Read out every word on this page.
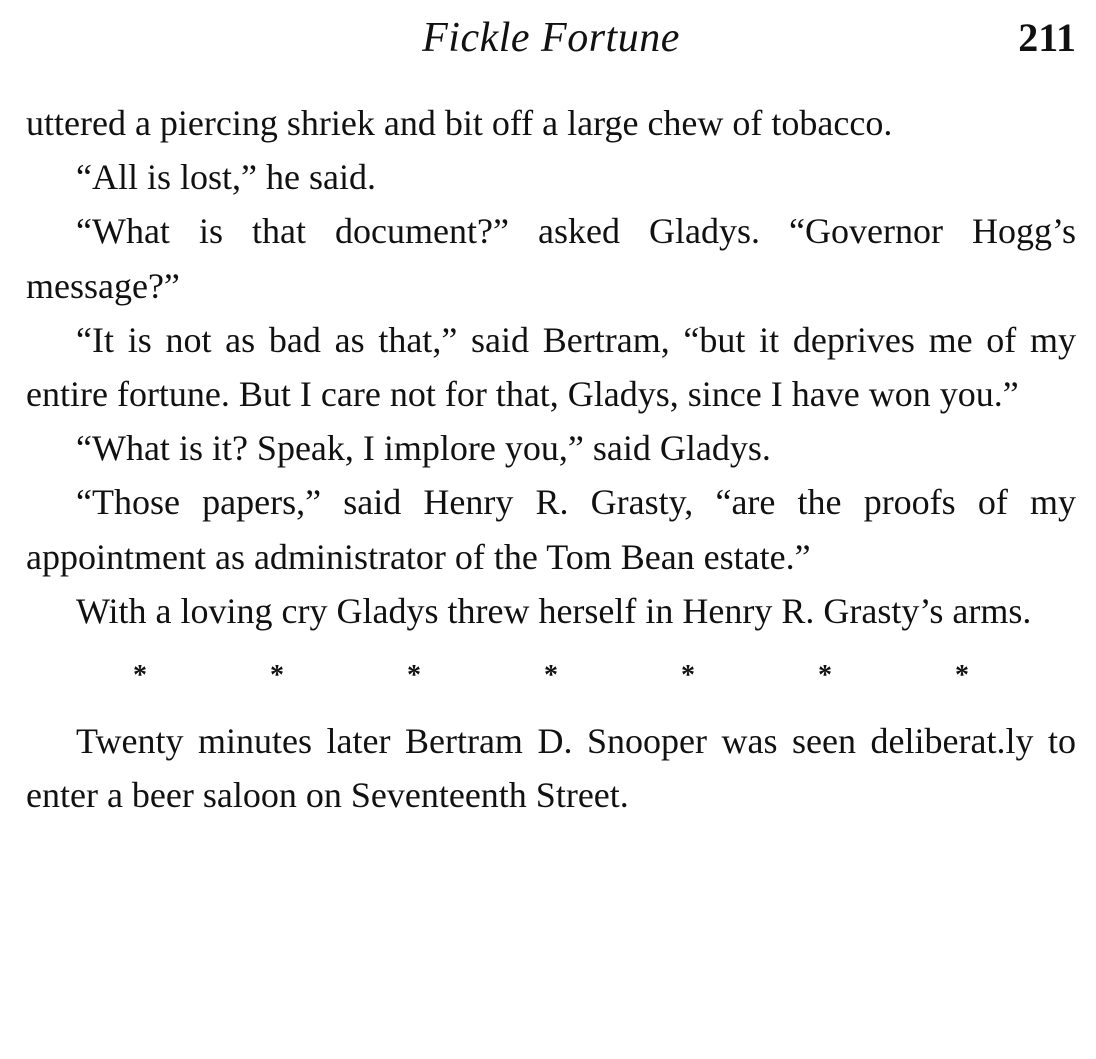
Fickle Fortune	211

uttered a piercing shriek and bit off a large chew of tobacco.

“All is lost,” he said.

“What is that document?” asked Gladys. “Governor Hogg’s message?”

“It is not as bad as that,” said Bertram, “but it deprives me of my entire fortune. But I care not for that, Gladys, since I have won you.”

“What is it? Speak, I implore you,” said Gladys.

“Those papers,” said Henry R. Grasty, “are the proofs of my appointment as administrator of the Tom Bean estate.”

With a loving cry Gladys threw herself in Henry R. Grasty’s arms.

*	*	*	*	*	*	*

Twenty minutes later Bertram D. Snooper was seen deliberat.ly to enter a beer saloon on Seventeenth Street.
